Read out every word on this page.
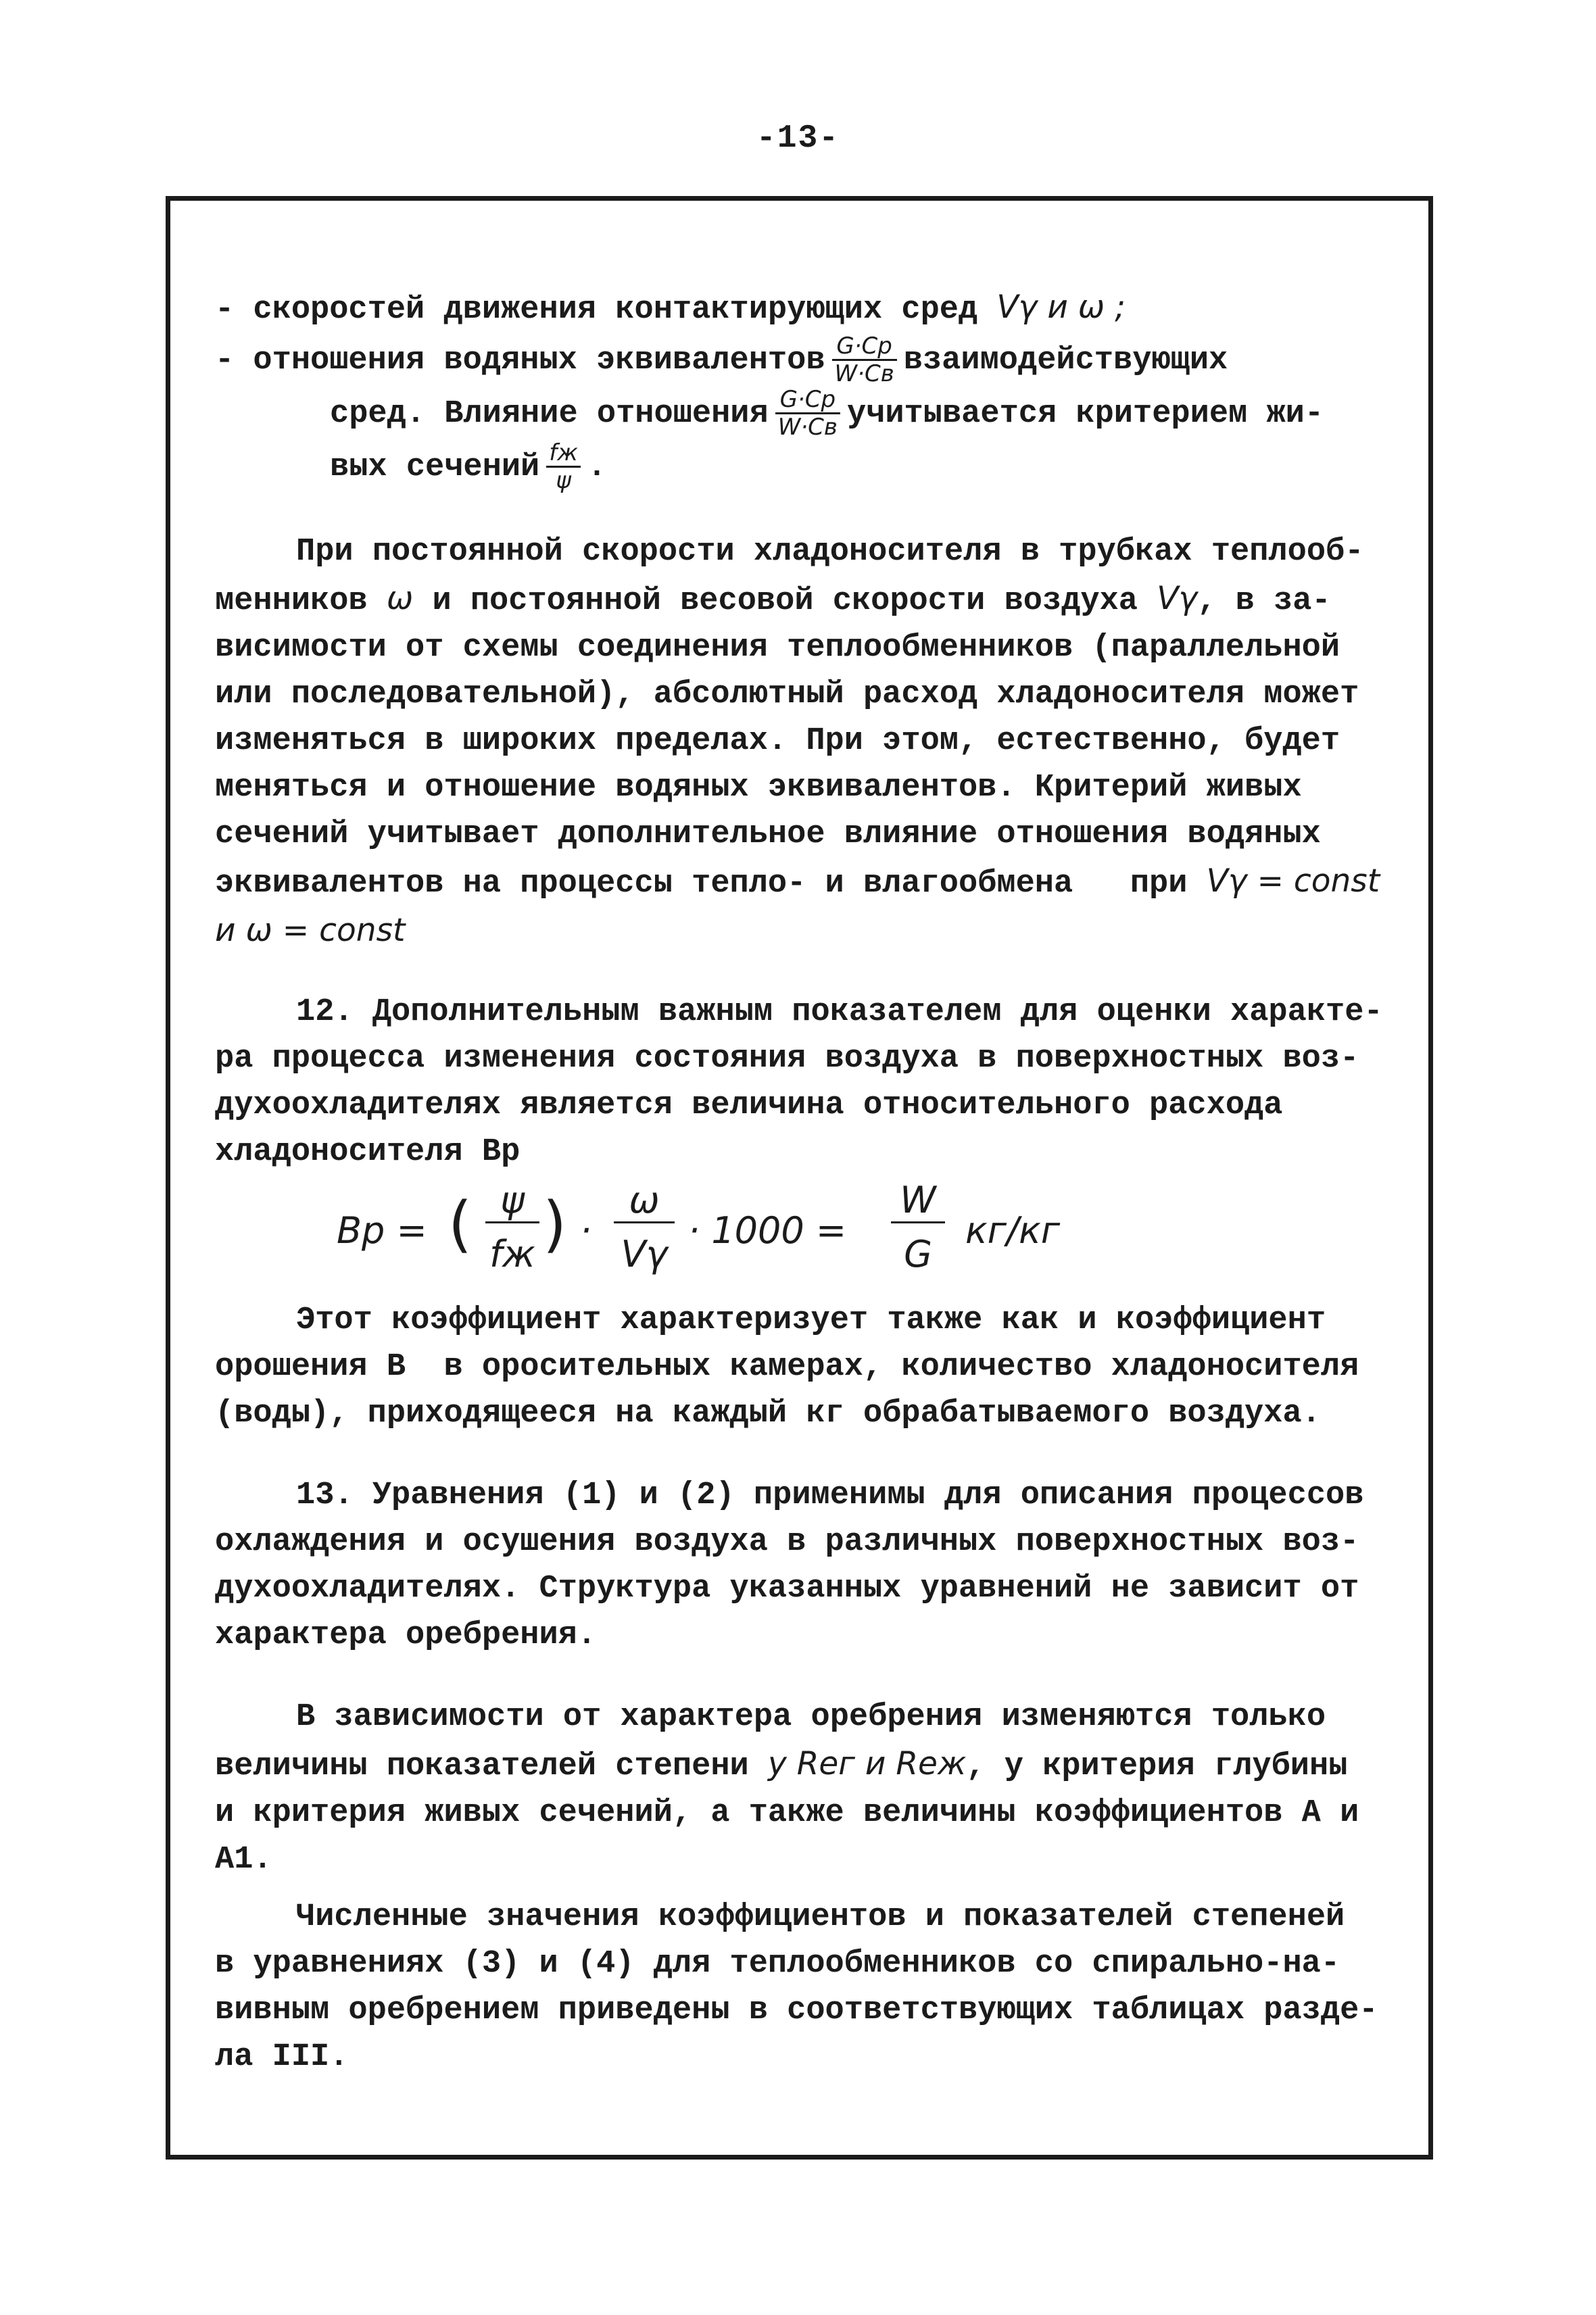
-13-
- скоростей движения контактирующих сред Vγ и ω ;
- отношения водяных эквивалентов $\frac{G\cdot Cp}{W\cdot Cв}$ взаимодействующих
сред. Влияние отношения $\frac{G\cdot Cp}{W\cdot Cв}$ учитывается критерием жи-
вых сечений $\frac{fж}{\psi}$ .
При постоянной скорости хладоносителя в трубках теплооб-
менников ω и постоянной весовой скорости воздуха Vγ, в за-
висимости от схемы соединения теплообменников (параллельной
или последовательной), абсолютный расход хладоносителя может
изменяться в широких пределах. При этом, естественно, будет
меняться и отношение водяных эквивалентов. Критерий живых
сечений учитывает дополнительное влияние отношения водяных
эквивалентов на процессы тепло- и влагообмена   при Vγ = const
и ω = const
12. Дополнительным важным показателем для оценки характе-
ра процесса изменения состояния воздуха в поверхностных воз-
духоохладителях является величина относительного расхода
хладоносителя Вр
Bр = ( ψ
fж ) ·
ω
Vγ
· 1000 =
W
G
кг/кг
Этот коэффициент характеризует также как и коэффициент
орошения В  в оросительных камерах, количество хладоносителя
(воды), приходящееся на каждый кг обрабатываемого воздуха.
13. Уравнения (1) и (2) применимы для описания процессов
охлаждения и осушения воздуха в различных поверхностных воз-
духоохладителях. Структура указанных уравнений не зависит от
характера оребрения.
В зависимости от характера оребрения изменяются только
величины показателей степени у Reг и Reж, у критерия глубины
и критерия живых сечений, а также величины коэффициентов А и
А1.
Численные значения коэффициентов и показателей степеней
в уравнениях (3) и (4) для теплообменников со спирально-на-
вивным оребрением приведены в соответствующих таблицах разде-
ла III.
